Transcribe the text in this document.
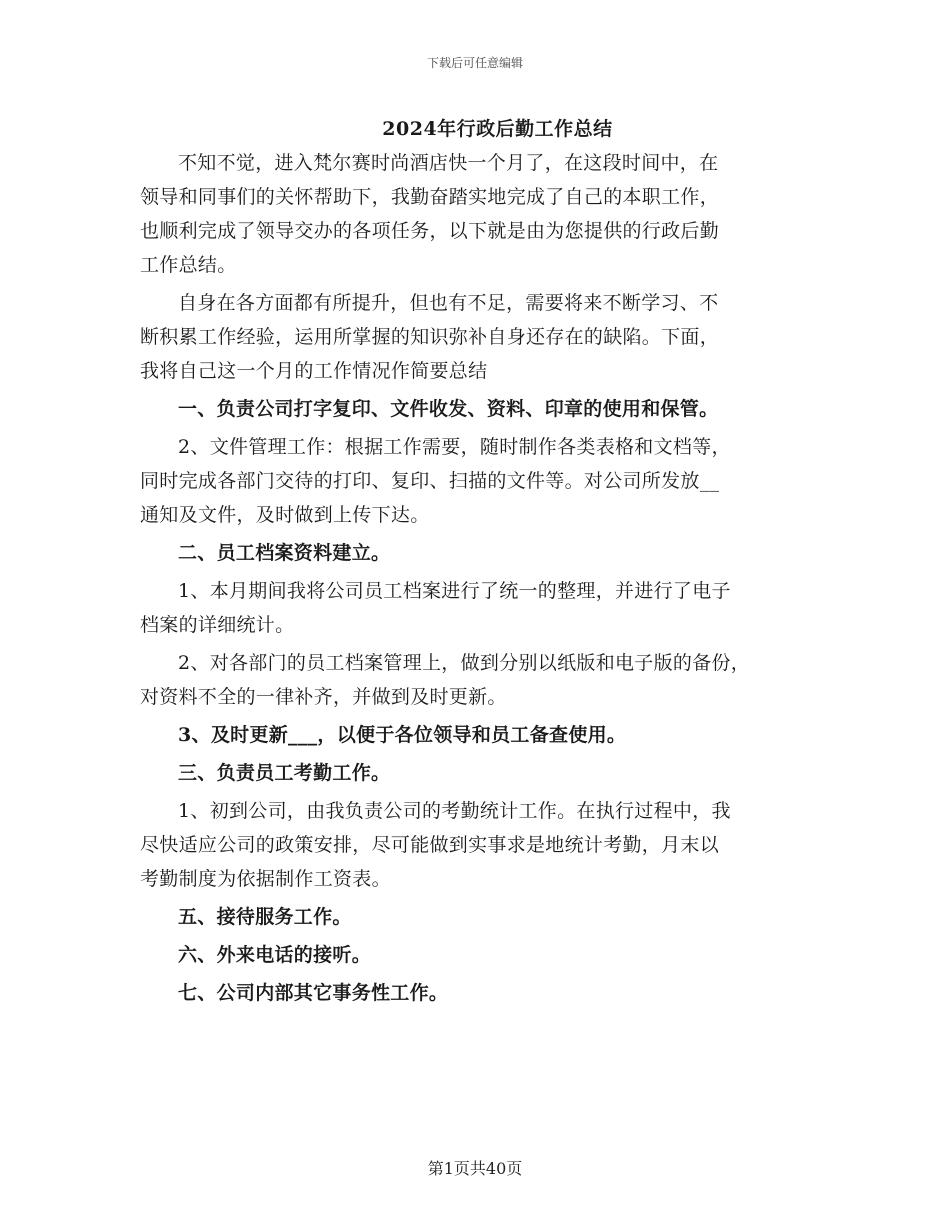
下载后可任意编辑
2024年行政后勤工作总结
不知不觉，进入梵尔赛时尚酒店快一个月了，在这段时间中，在
领导和同事们的关怀帮助下，我勤奋踏实地完成了自己的本职工作，
也顺利完成了领导交办的各项任务，以下就是由为您提供的行政后勤
工作总结。
自身在各方面都有所提升，但也有不足，需要将来不断学习、不
断积累工作经验，运用所掌握的知识弥补自身还存在的缺陷。下面，
我将自己这一个月的工作情况作简要总结
一、负责公司打字复印、文件收发、资料、印章的使用和保管。
2、文件管理工作：根据工作需要，随时制作各类表格和文档等，
同时完成各部门交待的打印、复印、扫描的文件等。对公司所发放__
通知及文件，及时做到上传下达。
二、员工档案资料建立。
1、本月期间我将公司员工档案进行了统一的整理，并进行了电子
档案的详细统计。
2、对各部门的员工档案管理上，做到分别以纸版和电子版的备份，
对资料不全的一律补齐，并做到及时更新。
3、及时更新___，以便于各位领导和员工备查使用。
三、负责员工考勤工作。
1、初到公司，由我负责公司的考勤统计工作。在执行过程中，我
尽快适应公司的政策安排，尽可能做到实事求是地统计考勤，月末以
考勤制度为依据制作工资表。
五、接待服务工作。
六、外来电话的接听。
七、公司内部其它事务性工作。
第1页共40页
